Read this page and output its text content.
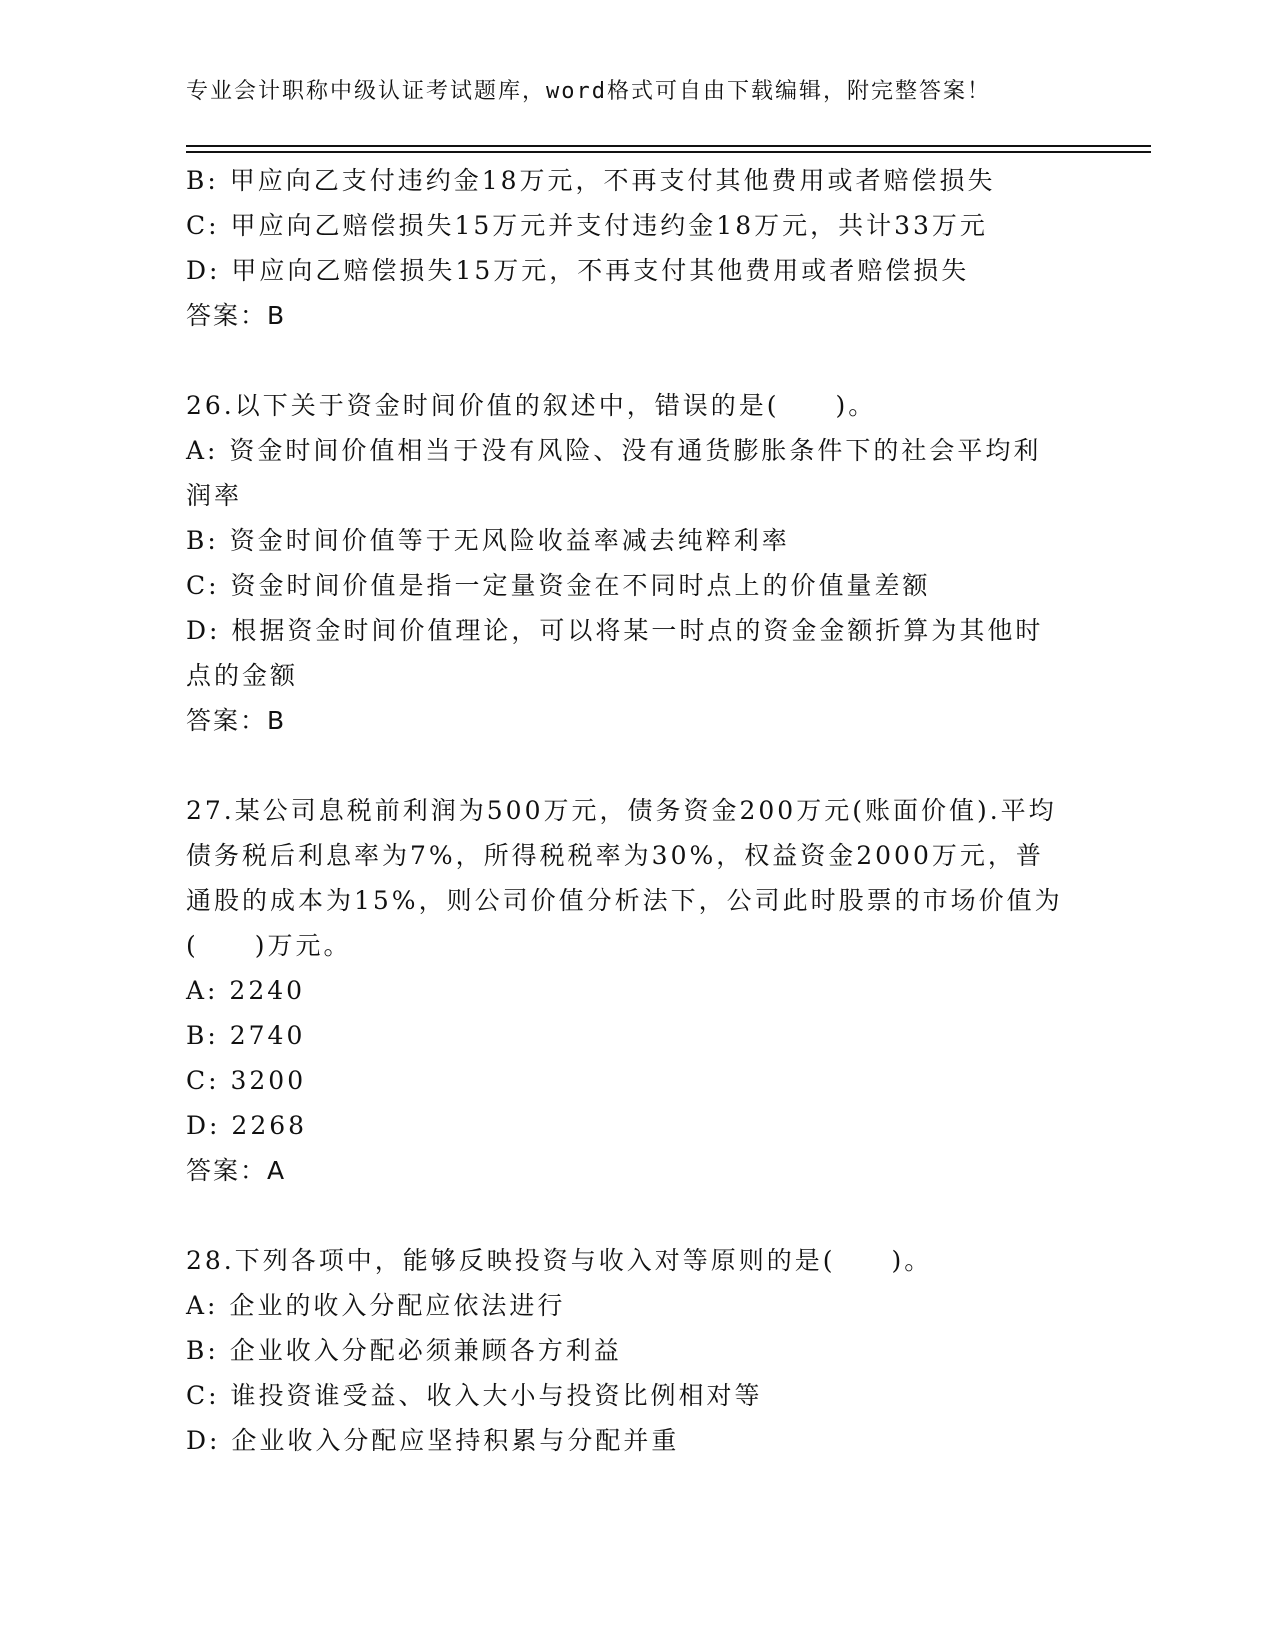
专业会计职称中级认证考试题库，word格式可自由下载编辑，附完整答案！
B: 甲应向乙支付违约金18万元，不再支付其他费用或者赔偿损失
C: 甲应向乙赔偿损失15万元并支付违约金18万元，共计33万元
D: 甲应向乙赔偿损失15万元，不再支付其他费用或者赔偿损失
答案：B
26.以下关于资金时间价值的叙述中，错误的是(　　)。
A: 资金时间价值相当于没有风险、没有通货膨胀条件下的社会平均利润率
B: 资金时间价值等于无风险收益率减去纯粹利率
C: 资金时间价值是指一定量资金在不同时点上的价值量差额
D: 根据资金时间价值理论，可以将某一时点的资金金额折算为其他时点的金额
答案：B
27.某公司息税前利润为500万元，债务资金200万元(账面价值).平均债务税后利息率为7%，所得税税率为30%，权益资金2000万元，普通股的成本为15%，则公司价值分析法下，公司此时股票的市场价值为(　　)万元。
A: 2240
B: 2740
C: 3200
D: 2268
答案：A
28.下列各项中，能够反映投资与收入对等原则的是(　　)。
A: 企业的收入分配应依法进行
B: 企业收入分配必须兼顾各方利益
C: 谁投资谁受益、收入大小与投资比例相对等
D: 企业收入分配应坚持积累与分配并重
